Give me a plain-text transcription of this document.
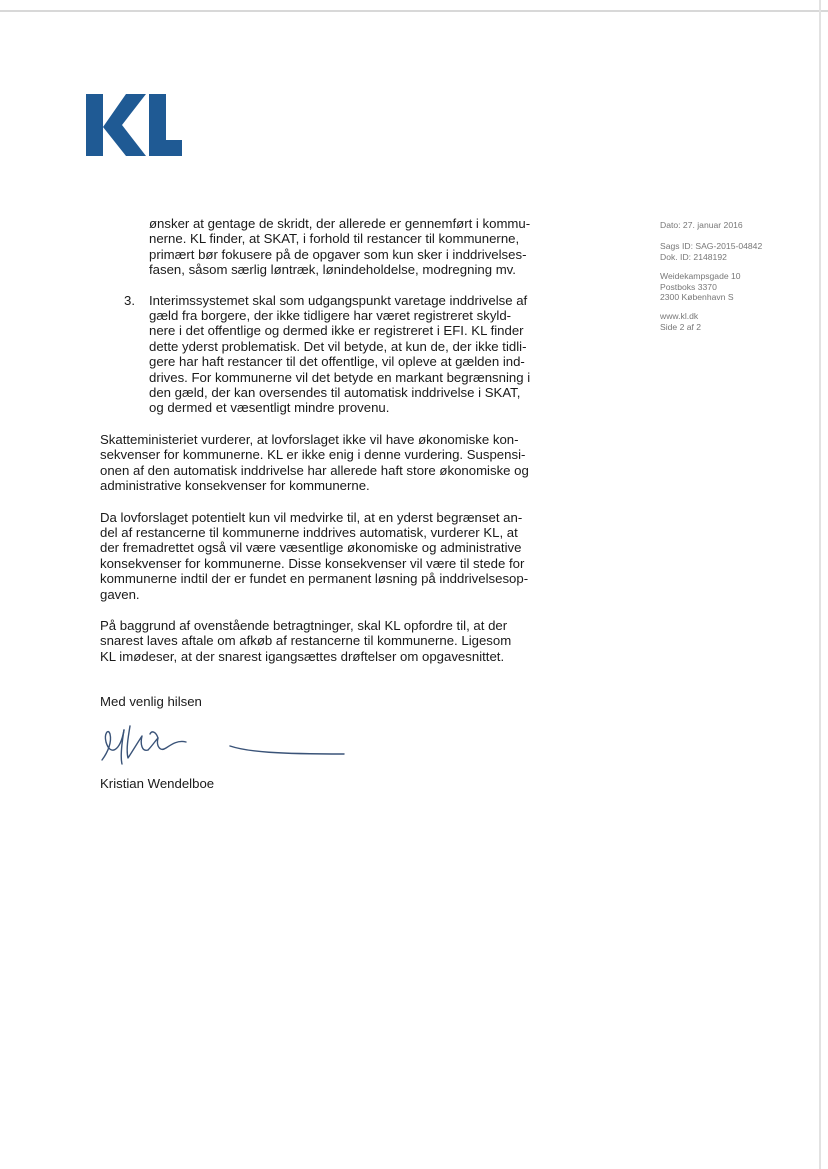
ønsker at gentage de skridt, der allerede er gennemført i kommu-
nerne. KL finder, at SKAT, i forhold til restancer til kommunerne,
primært bør fokusere på de opgaver som kun sker i inddrivelses-
fasen, såsom særlig løntræk, lønindeholdelse, modregning mv.
3. Interimssystemet skal som udgangspunkt varetage inddrivelse af
gæld fra borgere, der ikke tidligere har været registreret skyld-
nere i det offentlige og dermed ikke er registreret i EFI. KL finder
dette yderst problematisk. Det vil betyde, at kun de, der ikke tidli-
gere har haft restancer til det offentlige, vil opleve at gælden ind-
drives. For kommunerne vil det betyde en markant begrænsning i
den gæld, der kan oversendes til automatisk inddrivelse i SKAT,
og dermed et væsentligt mindre provenu.
Skatteministeriet vurderer, at lovforslaget ikke vil have økonomiske kon-
sekvenser for kommunerne. KL er ikke enig i denne vurdering. Suspensi-
onen af den automatisk inddrivelse har allerede haft store økonomiske og
administrative konsekvenser for kommunerne.
Da lovforslaget potentielt kun vil medvirke til, at en yderst begrænset an-
del af restancerne til kommunerne inddrives automatisk, vurderer KL, at
der fremadrettet også vil være væsentlige økonomiske og administrative
konsekvenser for kommunerne. Disse konsekvenser vil være til stede for
kommunerne indtil der er fundet en permanent løsning på inddrivelsesop-
gaven.
På baggrund af ovenstående betragtninger, skal KL opfordre til, at der
snarest laves aftale om afkøb af restancerne til kommunerne. Ligesom
KL imødeser, at der snarest igangsættes drøftelser om opgavesnittet.
Med venlig hilsen
Kristian Wendelboe
Dato: 27. januar 2016
Sags ID: SAG-2015-04842
Dok. ID: 2148192
Weidekampsgade 10
Postboks 3370
2300 København S
www.kl.dk
Side 2 af 2
